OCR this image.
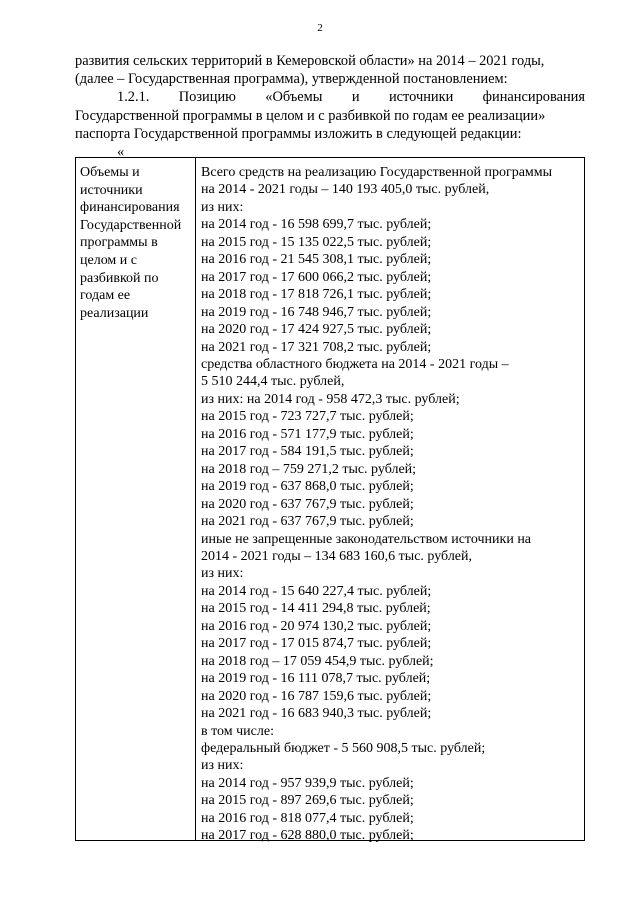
2
развития сельских территорий в Кемеровской области» на 2014 – 2021 годы,
(далее – Государственная программа), утвержденной постановлением:
1.2.1. Позицию «Объемы и источники финансирования
Государственной программы в целом и с разбивкой по годам ее реализации»
паспорта Государственной программы изложить в следующей редакции:
«
Объемы и источники финансирования Государственной программы в целом и с разбивкой по годам ее реализации
Всего средств на реализацию Государственной программы
на 2014 - 2021 годы – 140 193 405,0 тыс. рублей,
из них:
на 2014 год - 16 598 699,7 тыс. рублей;
на 2015 год - 15 135 022,5 тыс. рублей;
на 2016 год - 21 545 308,1 тыс. рублей;
на 2017 год - 17 600 066,2 тыс. рублей;
на 2018 год - 17 818 726,1 тыс. рублей;
на 2019 год - 16 748 946,7 тыс. рублей;
на 2020 год - 17 424 927,5 тыс. рублей;
на 2021 год - 17 321 708,2 тыс. рублей;
средства областного бюджета на 2014 - 2021 годы –
5 510 244,4 тыс. рублей,
из них: на 2014 год - 958 472,3 тыс. рублей;
на 2015 год - 723 727,7 тыс. рублей;
на 2016 год - 571 177,9 тыс. рублей;
на 2017 год - 584 191,5 тыс. рублей;
на 2018 год – 759 271,2 тыс. рублей;
на 2019 год - 637 868,0 тыс. рублей;
на 2020 год - 637 767,9 тыс. рублей;
на 2021 год - 637 767,9 тыс. рублей;
иные не запрещенные законодательством источники на
2014 - 2021 годы – 134 683 160,6 тыс. рублей,
из них:
на 2014 год - 15 640 227,4 тыс. рублей;
на 2015 год - 14 411 294,8 тыс. рублей;
на 2016 год - 20 974 130,2 тыс. рублей;
на 2017 год - 17 015 874,7 тыс. рублей;
на 2018 год – 17 059 454,9 тыс. рублей;
на 2019 год - 16 111 078,7 тыс. рублей;
на 2020 год - 16 787 159,6 тыс. рублей;
на 2021 год - 16 683 940,3 тыс. рублей;
в том числе:
федеральный бюджет - 5 560 908,5 тыс. рублей;
из них:
на 2014 год - 957 939,9 тыс. рублей;
на 2015 год - 897 269,6 тыс. рублей;
на 2016 год - 818 077,4 тыс. рублей;
на 2017 год - 628 880,0 тыс. рублей;
